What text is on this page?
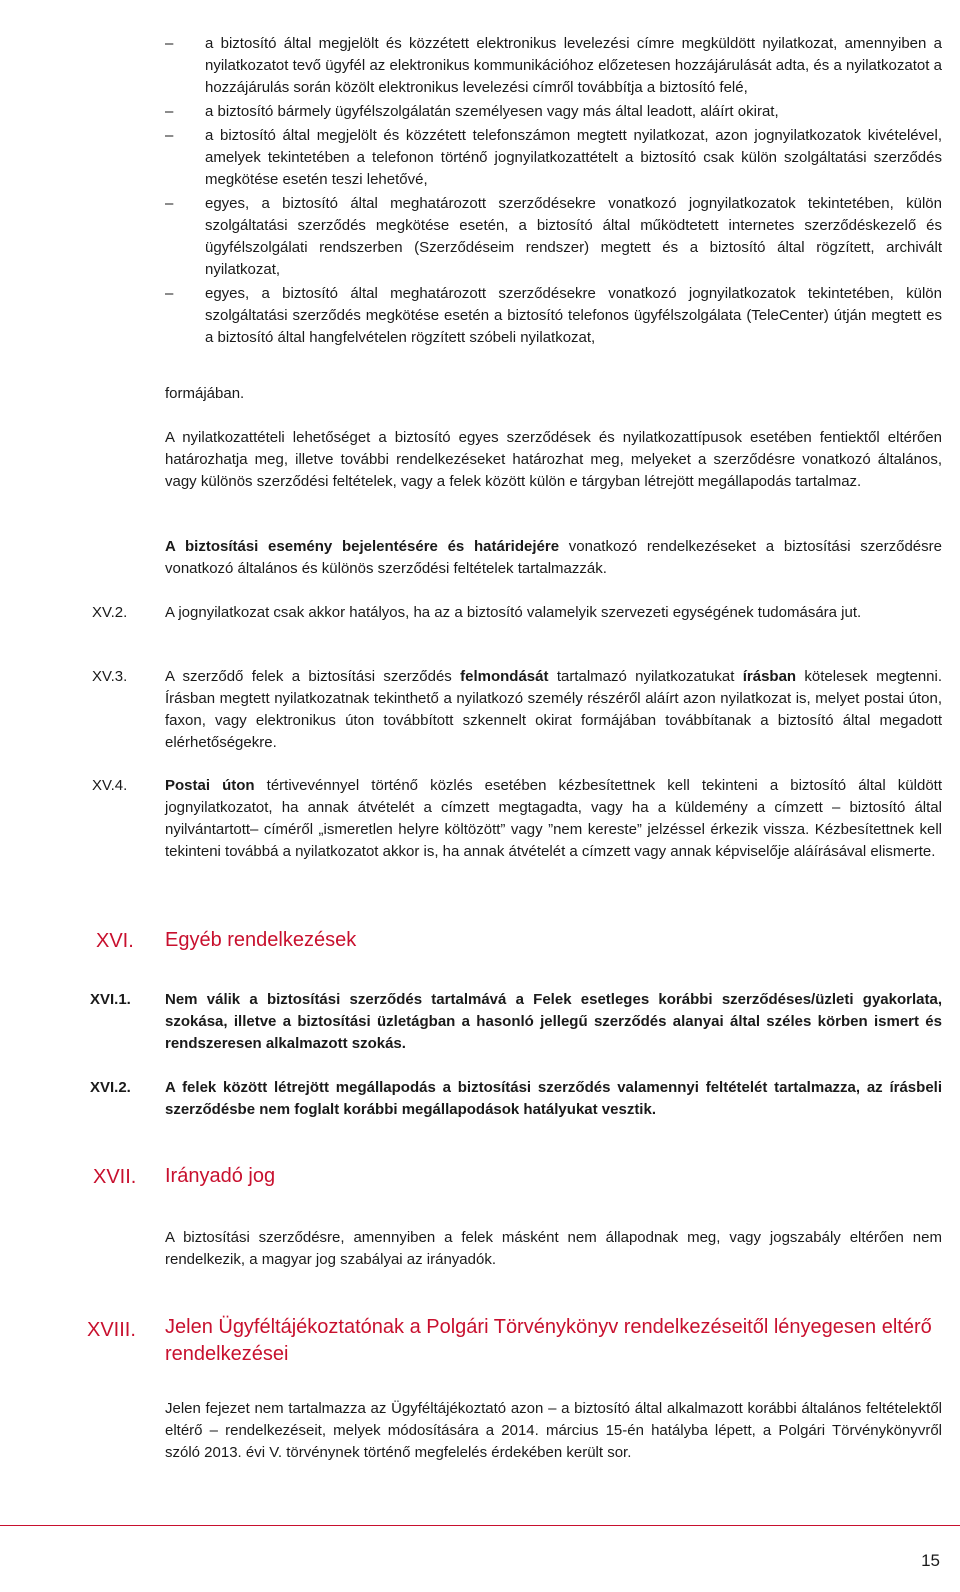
– a biztosító által megjelölt és közzétett elektronikus levelezési címre megküldött nyilatkozat, amennyiben a nyilatkozatot tevő ügyfél az elektronikus kommunikációhoz előzetesen hozzájárulását adta, és a nyilatkozatot a hozzájárulás során közölt elektronikus levelezési címről továbbítja a biztosító felé,
– a biztosító bármely ügyfélszolgálatán személyesen vagy más által leadott, aláírt okirat,
– a biztosító által megjelölt és közzétett telefonszámon megtett nyilatkozat, azon jognyilatkozatok kivételével, amelyek tekintetében a telefonon történő jognyilatkozattételt a biztosító csak külön szolgáltatási szerződés megkötése esetén teszi lehetővé,
– egyes, a biztosító által meghatározott szerződésekre vonatkozó jognyilatkozatok tekintetében, külön szolgáltatási szerződés megkötése esetén, a biztosító által működtetett internetes szerződéskezelő és ügyfélszolgálati rendszerben (Szerződéseim rendszer) megtett és a biztosító által rögzített, archivált nyilatkozat,
– egyes, a biztosító által meghatározott szerződésekre vonatkozó jognyilatkozatok tekintetében, külön szolgáltatási szerződés megkötése esetén a biztosító telefonos ügyfélszolgálata (TeleCenter) útján megtett es a biztosító által hangfelvételen rögzített szóbeli nyilatkozat,
formájában.
A nyilatkozattételi lehetőséget a biztosító egyes szerződések és nyilatkozattípusok esetében fentiektől eltérően határozhatja meg, illetve további rendelkezéseket határozhat meg, melyeket a szerződésre vonatkozó általános, vagy különös szerződési feltételek, vagy a felek között külön e tárgyban létrejött megállapodás tartalmaz.
A biztosítási esemény bejelentésére és határidejére vonatkozó rendelkezéseket a biztosítási szerződésre vonatkozó általános és különös szerződési feltételek tartalmazzák.
XV.2.	A jognyilatkozat csak akkor hatályos, ha az a biztosító valamelyik szervezeti egységének tudomására jut.
XV.3.	A szerződő felek a biztosítási szerződés felmondását tartalmazó nyilatkozatukat írásban kötelesek megtenni. Írásban megtett nyilatkozatnak tekinthető a nyilatkozó személy részéről aláírt azon nyilatkozat is, melyet postai úton, faxon, vagy elektronikus úton továbbított szkennelt okirat formájában továbbítanak a biztosító által megadott elérhetőségekre.
XV.4.	Postai úton tértivevénnyel történő közlés esetében kézbesítettnek kell tekinteni a biztosító által küldött jognyilatkozatot, ha annak átvételét a címzett megtagadta, vagy ha a küldemény a címzett – biztosító által nyilvántartott– címéről „ismeretlen helyre költözött” vagy ”nem kereste” jelzéssel érkezik vissza. Kézbesítettnek kell tekinteni továbbá a nyilatkozatot akkor is, ha annak átvételét a címzett vagy annak képviselője aláírásával elismerte.
XVI. Egyéb rendelkezések
XVI.1. Nem válik a biztosítási szerződés tartalmává a Felek esetleges korábbi szerződéses/üzleti gyakorlata, szokása, illetve a biztosítási üzletágban a hasonló jellegű szerződés alanyai által széles körben ismert és rendszeresen alkalmazott szokás.
XVI.2. A felek között létrejött megállapodás a biztosítási szerződés valamennyi feltételét tartalmazza, az írásbeli szerződésbe nem foglalt korábbi megállapodások hatályukat vesztik.
XVII. Irányadó jog
A biztosítási szerződésre, amennyiben a felek másként nem állapodnak meg, vagy jogszabály eltérően nem rendelkezik, a magyar jog szabályai az irányadók.
XVIII. Jelen Ügyféltájékoztatónak a Polgári Törvénykönyv rendelkezéseitől lényegesen eltérő rendelkezései
Jelen fejezet nem tartalmazza az Ügyféltájékoztató azon – a biztosító által alkalmazott korábbi általános feltételektől eltérő – rendelkezéseit, melyek módosítására a 2014. március 15-én hatályba lépett, a Polgári Törvénykönyvről szóló 2013. évi V. törvénynek történő megfelelés érdekében került sor.
15
